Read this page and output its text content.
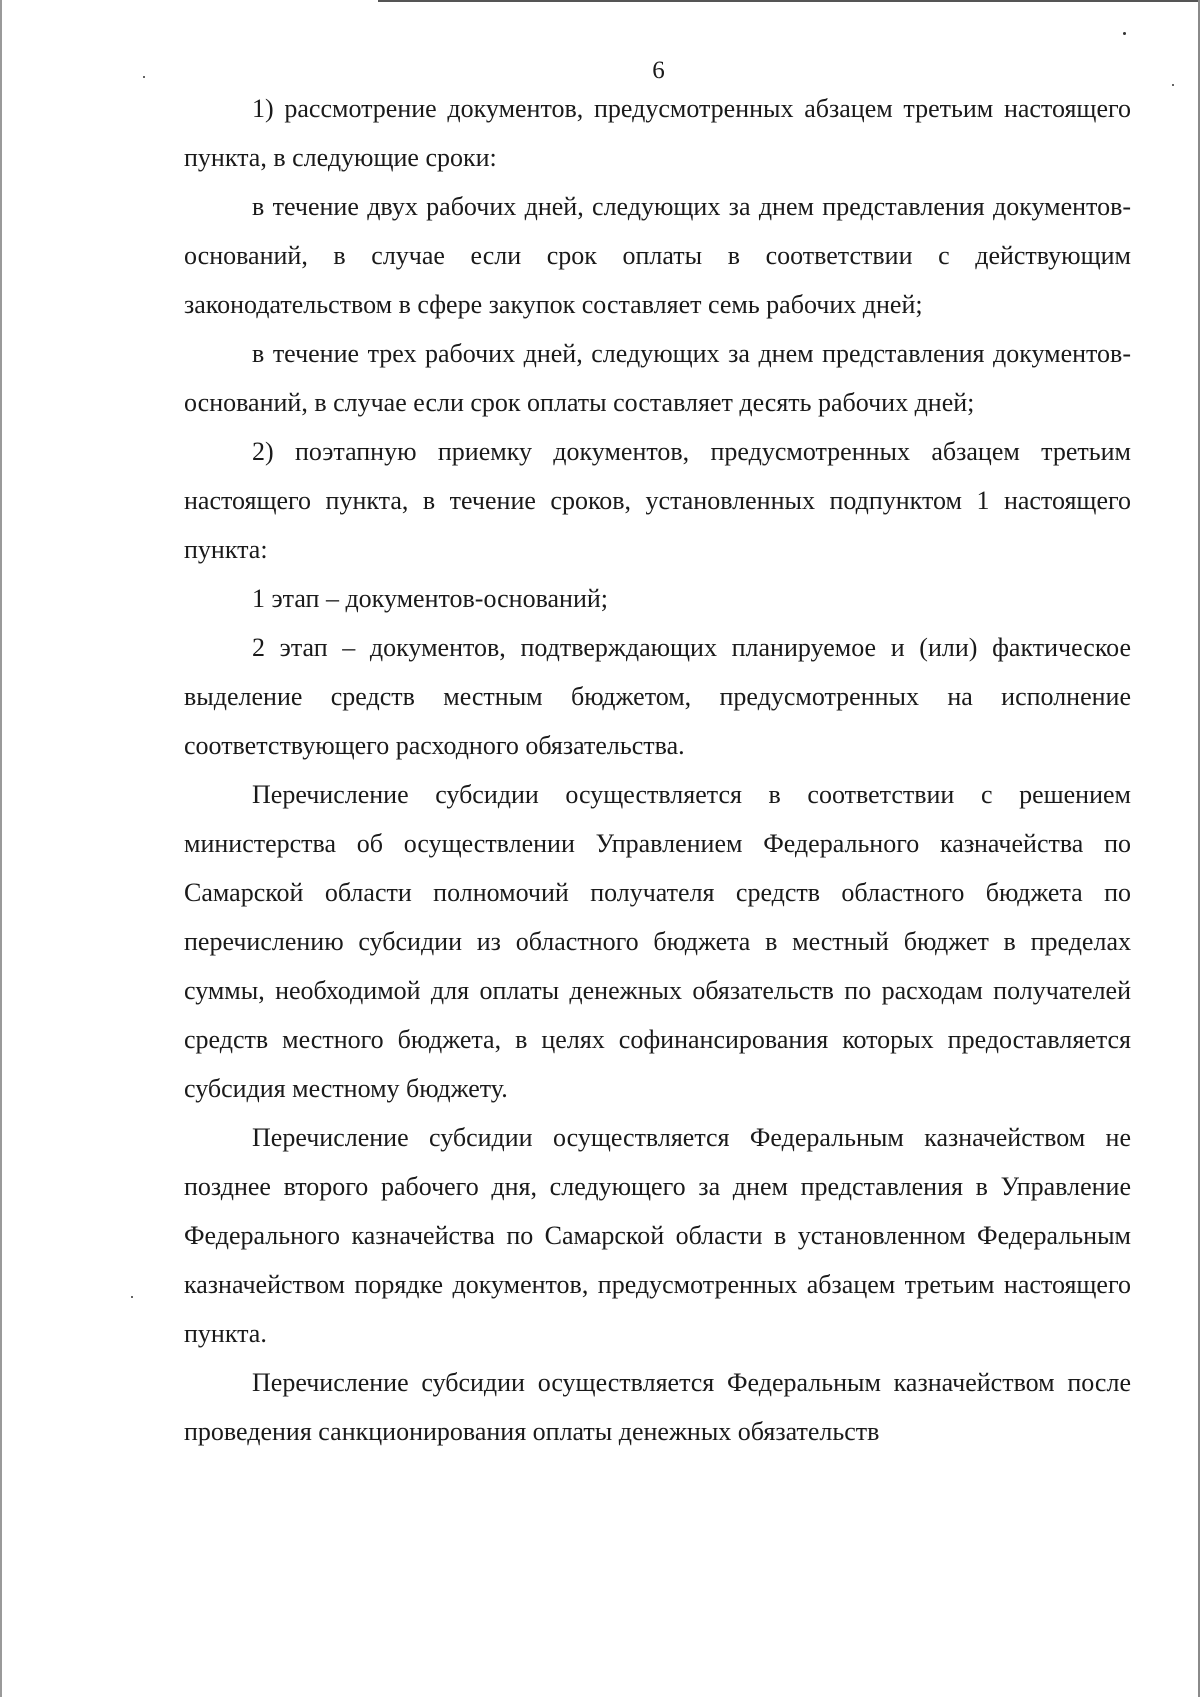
6

1) рассмотрение документов, предусмотренных абзацем третьим настоящего пункта, в следующие сроки:

в течение двух рабочих дней, следующих за днем представления документов-оснований, в случае если срок оплаты в соответствии с действующим законодательством в сфере закупок составляет семь рабочих дней;

в течение трех рабочих дней, следующих за днем представления документов-оснований, в случае если срок оплаты составляет десять рабочих дней;

2) поэтапную приемку документов, предусмотренных абзацем третьим настоящего пункта, в течение сроков, установленных подпунктом 1 настоящего пункта:

1 этап – документов-оснований;

2 этап – документов, подтверждающих планируемое и (или) фактическое выделение средств местным бюджетом, предусмотренных на исполнение соответствующего расходного обязательства.

Перечисление субсидии осуществляется в соответствии с решением министерства об осуществлении Управлением Федерального казначейства по Самарской области полномочий получателя средств областного бюджета по перечислению субсидии из областного бюджета в местный бюджет в пределах суммы, необходимой для оплаты денежных обязательств по расходам получателей средств местного бюджета, в целях софинансирования которых предоставляется субсидия местному бюджету.

Перечисление субсидии осуществляется Федеральным казначейством не позднее второго рабочего дня, следующего за днем представления в Управление Федерального казначейства по Самарской области в установленном Федеральным казначейством порядке документов, предусмотренных абзацем третьим настоящего пункта.

Перечисление субсидии осуществляется Федеральным казначейством после проведения санкционирования оплаты денежных обязательств
